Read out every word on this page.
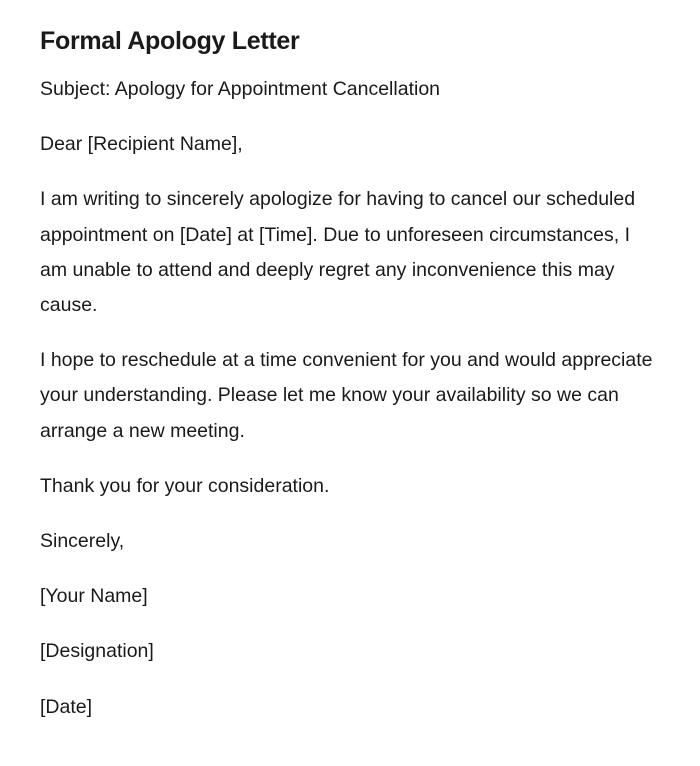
Formal Apology Letter

Subject: Apology for Appointment Cancellation

Dear [Recipient Name],

I am writing to sincerely apologize for having to cancel our scheduled appointment on [Date] at [Time]. Due to unforeseen circumstances, I am unable to attend and deeply regret any inconvenience this may cause.

I hope to reschedule at a time convenient for you and would appreciate your understanding. Please let me know your availability so we can arrange a new meeting.

Thank you for your consideration.

Sincerely,

[Your Name]

[Designation]

[Date]
